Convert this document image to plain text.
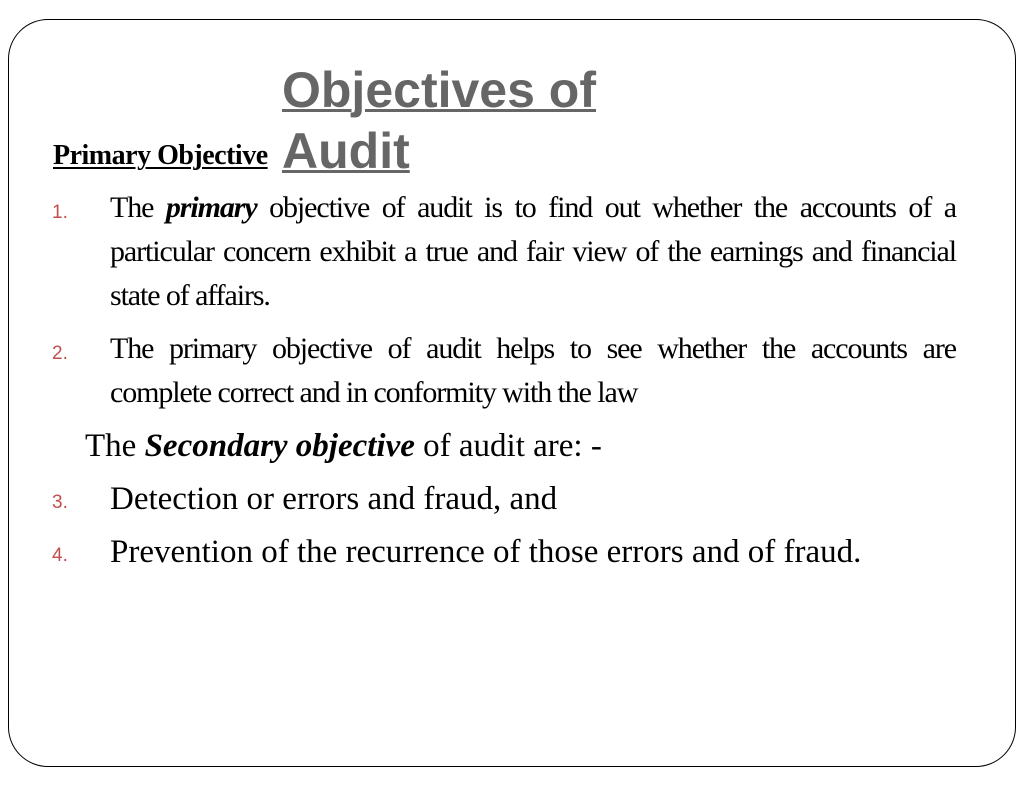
Objectives of Audit
Primary Objective
1. The primary objective of audit is to find out whether the accounts of a particular concern exhibit a true and fair view of the earnings and financial state of affairs.

2. The primary objective of audit helps to see whether the accounts are complete correct and in conformity with the law

The Secondary objective of audit are: -

3. Detection or errors and fraud, and

4. Prevention of the recurrence of those errors and of fraud.
